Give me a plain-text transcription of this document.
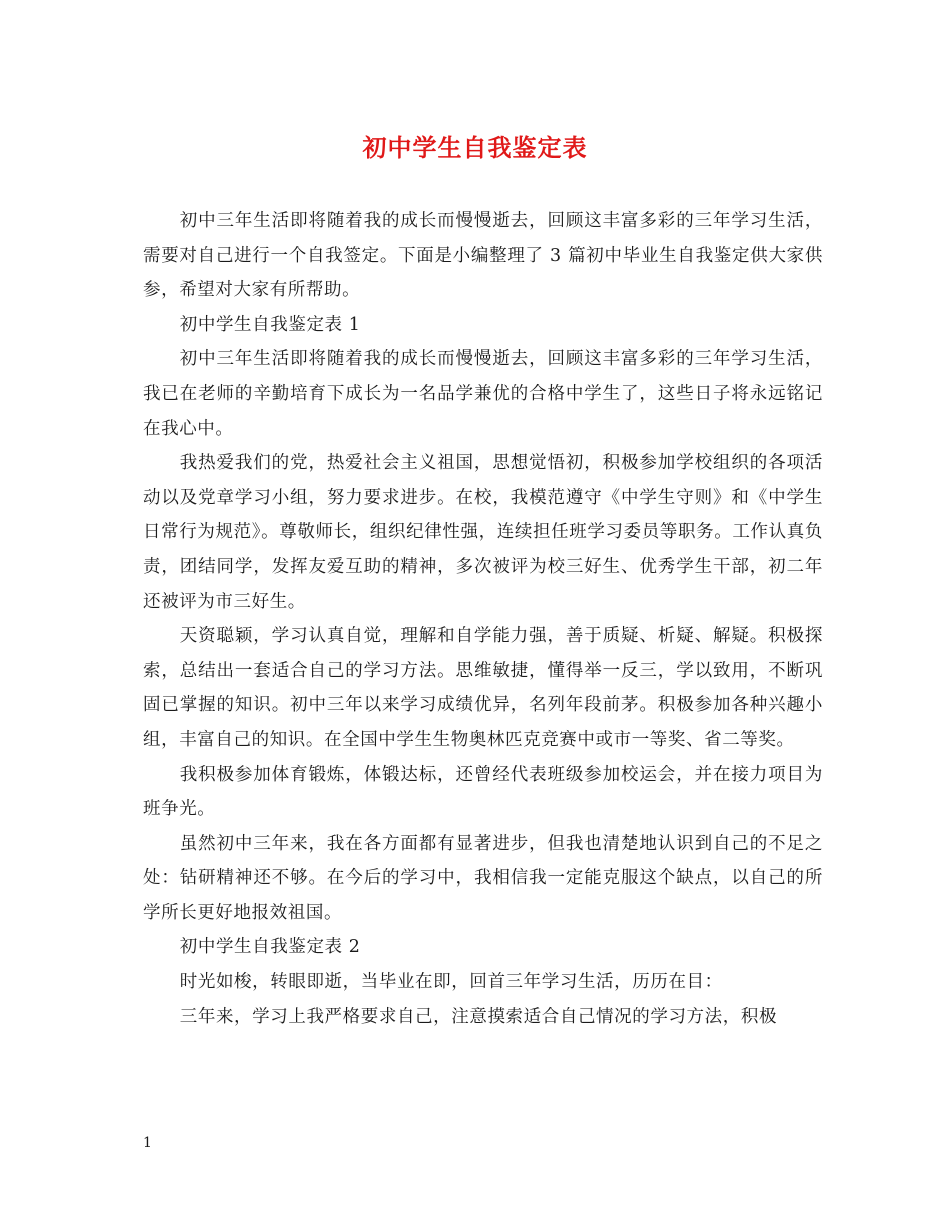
初中学生自我鉴定表

初中三年生活即将随着我的成长而慢慢逝去，回顾这丰富多彩的三年学习生活，需要对自己进行一个自我签定。下面是小编整理了 3 篇初中毕业生自我鉴定供大家供参，希望对大家有所帮助。

初中学生自我鉴定表 1

初中三年生活即将随着我的成长而慢慢逝去，回顾这丰富多彩的三年学习生活，我已在老师的辛勤培育下成长为一名品学兼优的合格中学生了，这些日子将永远铭记在我心中。

我热爱我们的党，热爱社会主义祖国，思想觉悟初，积极参加学校组织的各项活动以及党章学习小组，努力要求进步。在校，我模范遵守《中学生守则》和《中学生日常行为规范》。尊敬师长，组织纪律性强，连续担任班学习委员等职务。工作认真负责，团结同学，发挥友爱互助的精神，多次被评为校三好生、优秀学生干部，初二年还被评为市三好生。

天资聪颖，学习认真自觉，理解和自学能力强，善于质疑、析疑、解疑。积极探索，总结出一套适合自己的学习方法。思维敏捷，懂得举一反三，学以致用，不断巩固已掌握的知识。初中三年以来学习成绩优异，名列年段前茅。积极参加各种兴趣小组，丰富自己的知识。在全国中学生生物奥林匹克竞赛中或市一等奖、省二等奖。

我积极参加体育锻炼，体锻达标，还曾经代表班级参加校运会，并在接力项目为班争光。

虽然初中三年来，我在各方面都有显著进步，但我也清楚地认识到自己的不足之处：钻研精神还不够。在今后的学习中，我相信我一定能克服这个缺点，以自己的所学所长更好地报效祖国。

初中学生自我鉴定表 2

时光如梭，转眼即逝，当毕业在即，回首三年学习生活，历历在目：

三年来，学习上我严格要求自己，注意摸索适合自己情况的学习方法，积极

1
